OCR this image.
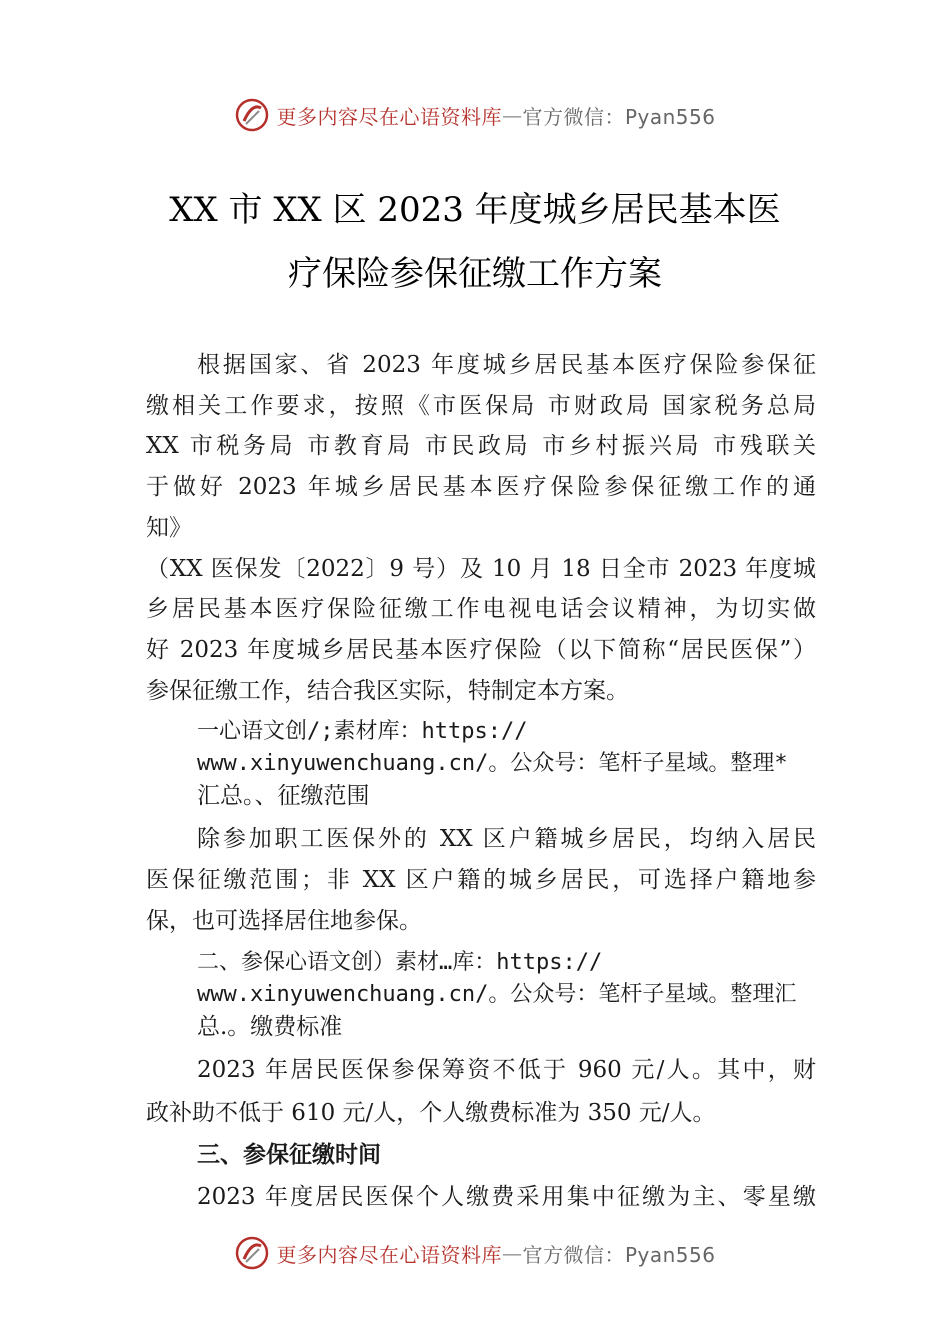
更多内容尽在心语资料库 — 官方微信：Pyan556
XX 市 XX 区 2023 年度城乡居民基本医
疗保险参保征缴工作方案
根据国家、省 2023 年度城乡居民基本医疗保险参保征
缴相关工作要求，按照《市医保局 市财政局 国家税务总局
XX 市税务局 市教育局 市民政局 市乡村振兴局 市残联关
于做好 2023 年城乡居民基本医疗保险参保征缴工作的通
知》
（XX 医保发〔2022〕9 号）及 10 月 18 日全市 2023 年度城
乡居民基本医疗保险征缴工作电视电话会议精神，为切实做
好 2023 年度城乡居民基本医疗保险（以下简称“居民医保”）
参保征缴工作，结合我区实际，特制定本方案。
一心语文创/;素材库：https://
www.xinyuwenchuang.cn/。公众号：笔杆子星域。整理*
汇总。、征缴范围
除参加职工医保外的 XX 区户籍城乡居民，均纳入居民
医保征缴范围；非 XX 区户籍的城乡居民，可选择户籍地参
保，也可选择居住地参保。
二、参保心语文创）素材…库：https://
www.xinyuwenchuang.cn/。公众号：笔杆子星域。整理汇
总.。缴费标准
2023 年居民医保参保筹资不低于 960 元/人。其中，财
政补助不低于 610 元/人，个人缴费标准为 350 元/人。
三、参保征缴时间
2023 年度居民医保个人缴费采用集中征缴为主、零星缴
更多内容尽在心语资料库 — 官方微信：Pyan556
